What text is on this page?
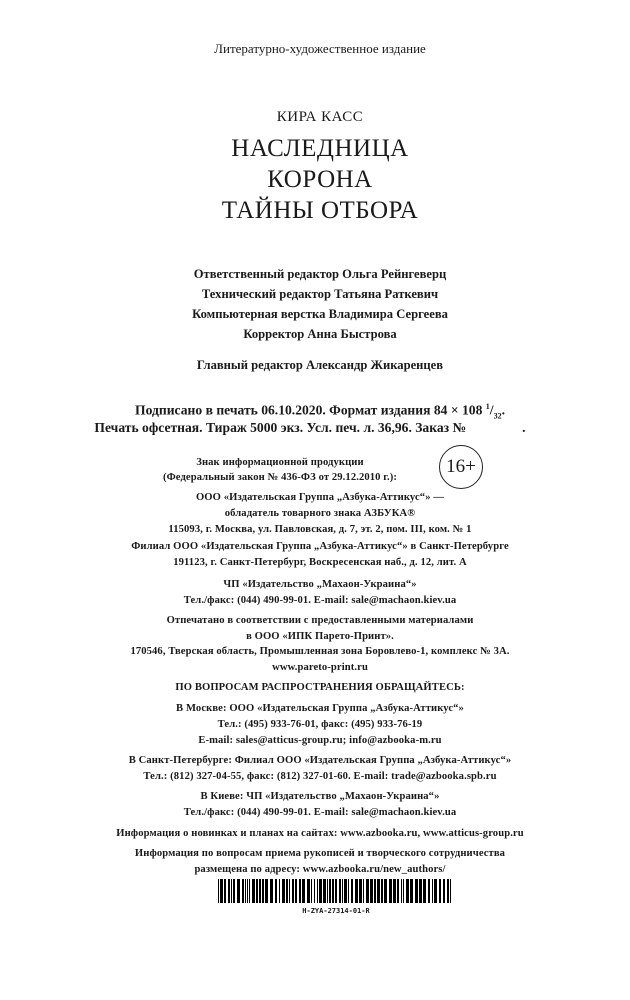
Литературно-художественное издание
КИРА КАСС
НАСЛЕДНИЦА
КОРОНА
ТАЙНЫ ОТБОРА
Ответственный редактор Ольга Рейнгеверц
Технический редактор Татьяна Раткевич
Компьютерная верстка Владимира Сергеева
Корректор Анна Быстрова
Главный редактор Александр Жикаренцев
Подписано в печать 06.10.2020. Формат издания 84 × 108 $^1/_{32}$.
Печать офсетная. Тираж 5000 экз. Усл. печ. л. 36,96. Заказ №	.
Знак информационной продукции
(Федеральный закон № 436-ФЗ от 29.12.2010 г.):
16+
ООО «Издательская Группа „Азбука-Аттикус“» —
обладатель товарного знака АЗБУКА®
115093, г. Москва, ул. Павловская, д. 7, эт. 2, пом. III, ком. № 1
Филиал ООО «Издательская Группа „Азбука-Аттикус“» в Санкт-Петербурге
191123, г. Санкт-Петербург, Воскресенская наб., д. 12, лит. А
ЧП «Издательство „Махаон-Украина“»
Тел./факс: (044) 490-99-01. E-mail: sale@machaon.kiev.ua
Отпечатано в соответствии с предоставленными материалами
в ООО «ИПК Парето-Принт».
170546, Тверская область, Промышленная зона Боровлево-1, комплекс № 3А.
www.pareto-print.ru
ПО ВОПРОСАМ РАСПРОСТРАНЕНИЯ ОБРАЩАЙТЕСЬ:
В Москве: ООО «Издательская Группа „Азбука-Аттикус“»
Тел.: (495) 933-76-01, факс: (495) 933-76-19
E-mail: sales@atticus-group.ru; info@azbooka-m.ru
В Санкт-Петербурге: Филиал ООО «Издательская Группа „Азбука-Аттикус“»
Тел.: (812) 327-04-55, факс: (812) 327-01-60. E-mail: trade@azbooka.spb.ru
В Киеве: ЧП «Издательство „Махаон-Украина“»
Тел./факс: (044) 490-99-01. E-mail: sale@machaon.kiev.ua
Информация о новинках и планах на сайтах: www.azbooka.ru, www.atticus-group.ru
Информация по вопросам приема рукописей и творческого сотрудничества
размещена по адресу: www.azbooka.ru/new_authors/
H-ZYA-27314-01-R
